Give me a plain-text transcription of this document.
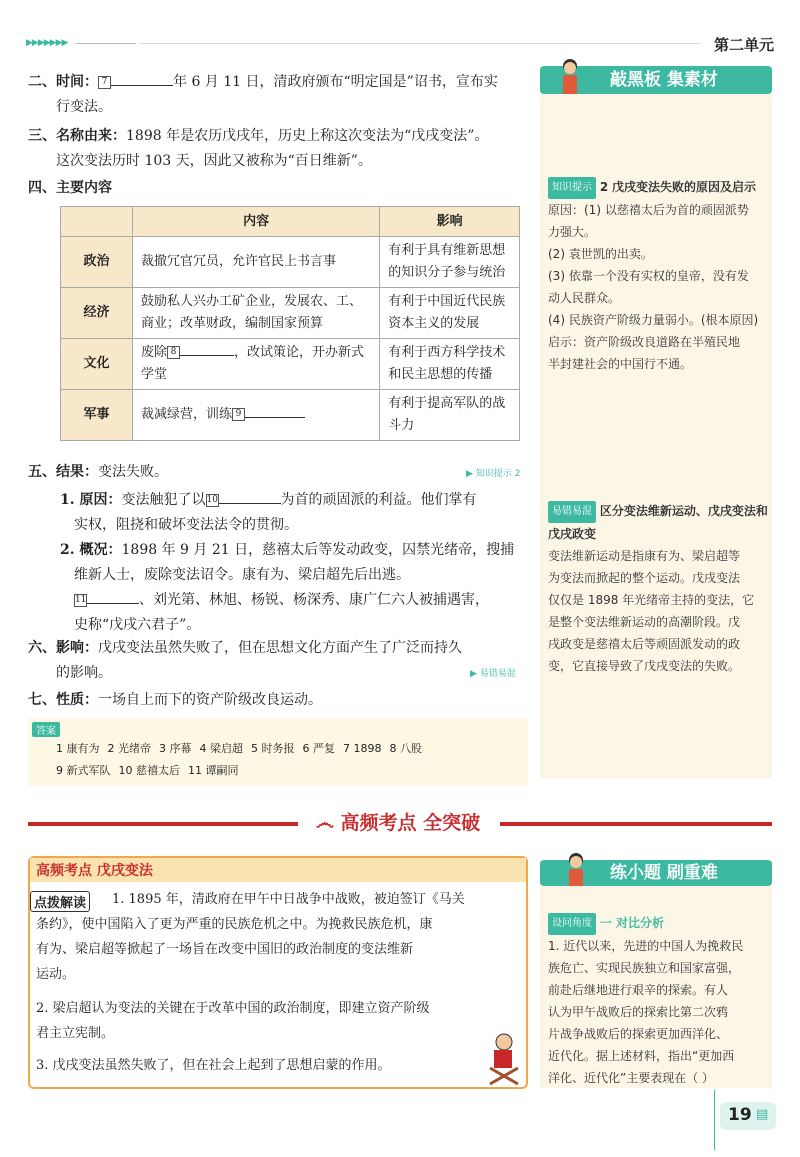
▶▶▶▶▶▶▶	第二单元
二、时间： 7	年 6 月 11 日，清政府颁布“明定国是”诏书，宣布实
行变法。
三、名称由来：1898 年是农历戊戌年，历史上称这次变法为“戊戌变法”。
这次变法历时 103 天，因此又被称为“百日维新”。
四、主要内容
	内容	影响
政治	裁撤冗官冗员，允许官民上书言事	有利于具有维新思想的知识分子参与统治
经济	鼓励私人兴办工矿企业，发展农、工、商业；改革财政，编制国家预算	有利于中国近代民族资本主义的发展
文化	废除 8 ，改试策论，开办新式学堂	有利于西方科学技术和民主思想的传播
军事	裁减绿营，训练 9	有利于提高军队的战斗力
五、结果：变法失败。	▶ 知识提示 2
1. 原因：变法触犯了以10	为首的顽固派的利益。他们掌有
实权，阻挠和破坏变法法令的贯彻。
2. 概况：1898 年 9 月 21 日，慈禧太后等发动政变，囚禁光绪帝，搜捕
维新人士，废除变法诏令。康有为、梁启超先后出逃。
11	、刘光第、林旭、杨锐、杨深秀、康广仁六人被捕遇害，
史称“戊戌六君子”。
六、影响：戊戌变法虽然失败了，但在思想文化方面产生了广泛而持久
的影响。	▶ 易错易混
七、性质：一场自上而下的资产阶级改良运动。
答案
1 康有为 2 光绪帝 3 序幕 4 梁启超 5 时务报 6 严复 7 1898 8 八股
9 新式军队 10 慈禧太后 11 谭嗣同
敲黑板 集素材
知识提示 2 戊戌变法失败的原因及启示
原因：(1) 以慈禧太后为首的顽固派势
力强大。
(2) 袁世凯的出卖。
(3) 依靠一个没有实权的皇帝，没有发
动人民群众。
(4) 民族资产阶级力量弱小。(根本原因)
启示：资产阶级改良道路在半殖民地
半封建社会的中国行不通。
易错易混 区分变法维新运动、戊戌变法和戊戌政变
变法维新运动是指康有为、梁启超等
为变法而掀起的整个运动。戊戌变法
仅仅是 1898 年光绪帝主持的变法，它
是整个变法维新运动的高潮阶段。戊
戌政变是慈禧太后等顽固派发动的政
变，它直接导致了戊戌变法的失败。
෴ 高频考点 全突破
高频考点 戊戌变法
点拨解读	1. 1895 年，清政府在甲午中日战争中战败，被迫签订《马关
条约》，使中国陷入了更为严重的民族危机之中。为挽救民族危机，康
有为、梁启超等掀起了一场旨在改变中国旧的政治制度的变法维新
运动。
2. 梁启超认为变法的关键在于改革中国的政治制度，即建立资产阶级
君主立宪制。
3. 戊戌变法虽然失败了，但在社会上起到了思想启蒙的作用。
练小题 刷重难
设问角度 一 对比分析
1. 近代以来，先进的中国人为挽救民
族危亡、实现民族独立和国家富强，
前赴后继地进行艰辛的探索。有人
认为甲午战败后的探索比第二次鸦
片战争战败后的探索更加西洋化、
近代化。据上述材料，指出“更加西
洋化、近代化”主要表现在（ ）
19 ▤
